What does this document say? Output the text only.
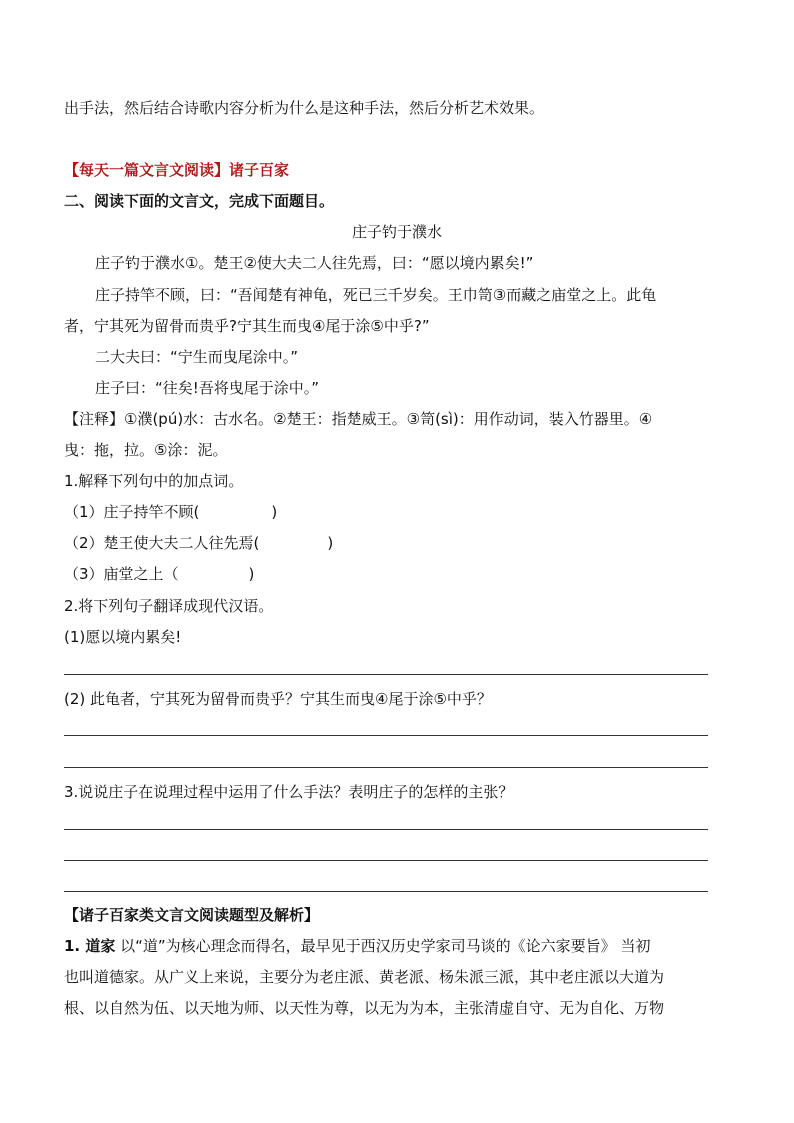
出手法，然后结合诗歌内容分析为什么是这种手法，然后分析艺术效果。
【每天一篇文言文阅读】诸子百家
二、阅读下面的文言文，完成下面题目。
庄子钓于濮水
庄子钓于濮水①。楚王②使大夫二人往先焉，曰：“愿以境内累矣!”
庄子持竿不顾，曰：“吾闻楚有神龟，死已三千岁矣。王巾笥③而藏之庙堂之上。此龟
者，宁其死为留骨而贵乎?宁其生而曳④尾于涂⑤中乎?”
二大夫曰：“宁生而曳尾涂中。”
庄子曰：“往矣!吾将曳尾于涂中。”
【注释】①濮(pú)水：古水名。②楚王：指楚威王。③笥(sì)：用作动词，装入竹器里。④
曳：拖，拉。⑤涂：泥。
1.解释下列句中的加点词。
（1）庄子持竿不顾(	)
（2）楚王使大夫二人往先焉(	)
（3）庙堂之上（	)
2.将下列句子翻译成现代汉语。
(1)愿以境内累矣!
(2) 此龟者，宁其死为留骨而贵乎？宁其生而曳④尾于涂⑤中乎？
3.说说庄子在说理过程中运用了什么手法？表明庄子的怎样的主张？
【诸子百家类文言文阅读题型及解析】
1. 道家 以“道”为核心理念而得名，最早见于西汉历史学家司马谈的《论六家要旨》 当初
也叫道德家。从广义上来说，主要分为老庄派、黄老派、杨朱派三派，其中老庄派以大道为
根、以自然为伍、以天地为师、以天性为尊，以无为为本，主张清虚自守、无为自化、万物
